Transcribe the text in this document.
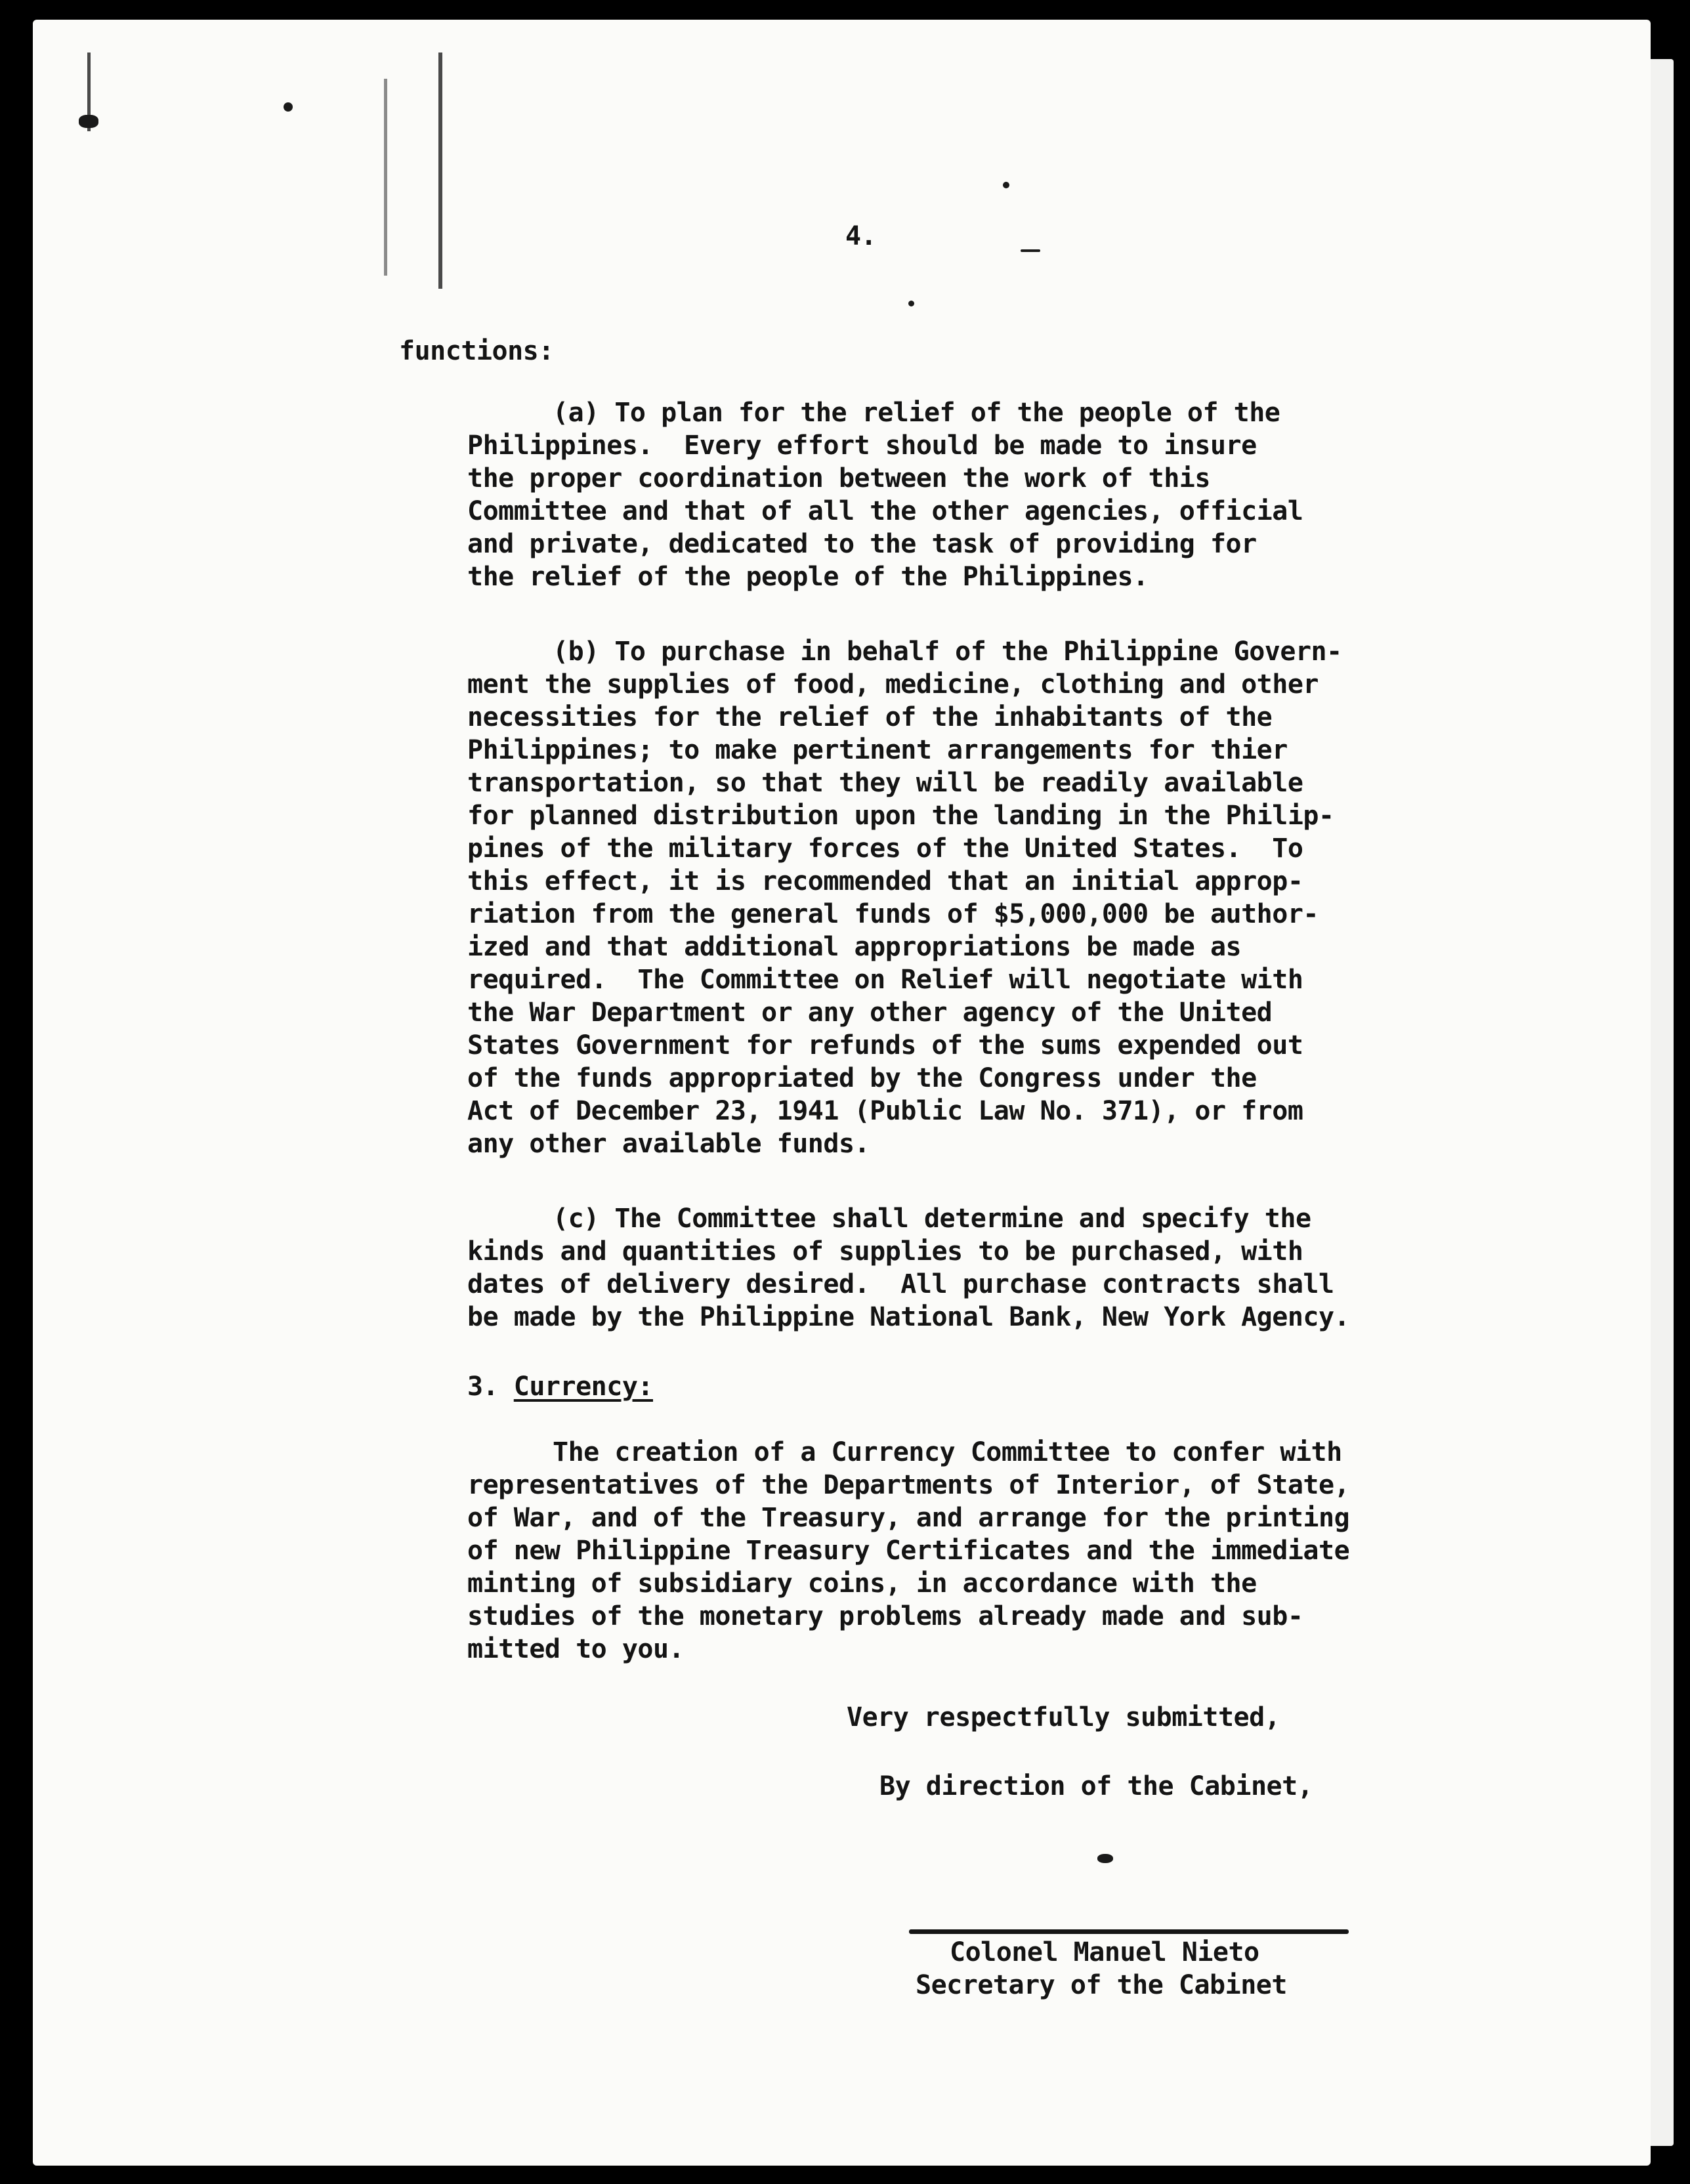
4.
functions:
(a) To plan for the relief of the people of the
Philippines.  Every effort should be made to insure
the proper coordination between the work of this
Committee and that of all the other agencies, official
and private, dedicated to the task of providing for
the relief of the people of the Philippines.
(b) To purchase in behalf of the Philippine Govern-
ment the supplies of food, medicine, clothing and other
necessities for the relief of the inhabitants of the
Philippines; to make pertinent arrangements for thier
transportation, so that they will be readily available
for planned distribution upon the landing in the Philip-
pines of the military forces of the United States.  To
this effect, it is recommended that an initial approp-
riation from the general funds of $5,000,000 be author-
ized and that additional appropriations be made as
required.  The Committee on Relief will negotiate with
the War Department or any other agency of the United
States Government for refunds of the sums expended out
of the funds appropriated by the Congress under the
Act of December 23, 1941 (Public Law No. 371), or from
any other available funds.
(c) The Committee shall determine and specify the
kinds and quantities of supplies to be purchased, with
dates of delivery desired.  All purchase contracts shall
be made by the Philippine National Bank, New York Agency.
3. Currency:
The creation of a Currency Committee to confer with
representatives of the Departments of Interior, of State,
of War, and of the Treasury, and arrange for the printing
of new Philippine Treasury Certificates and the immediate
minting of subsidiary coins, in accordance with the
studies of the monetary problems already made and sub-
mitted to you.
Very respectfully submitted,
By direction of the Cabinet,
Colonel Manuel Nieto
Secretary of the Cabinet
